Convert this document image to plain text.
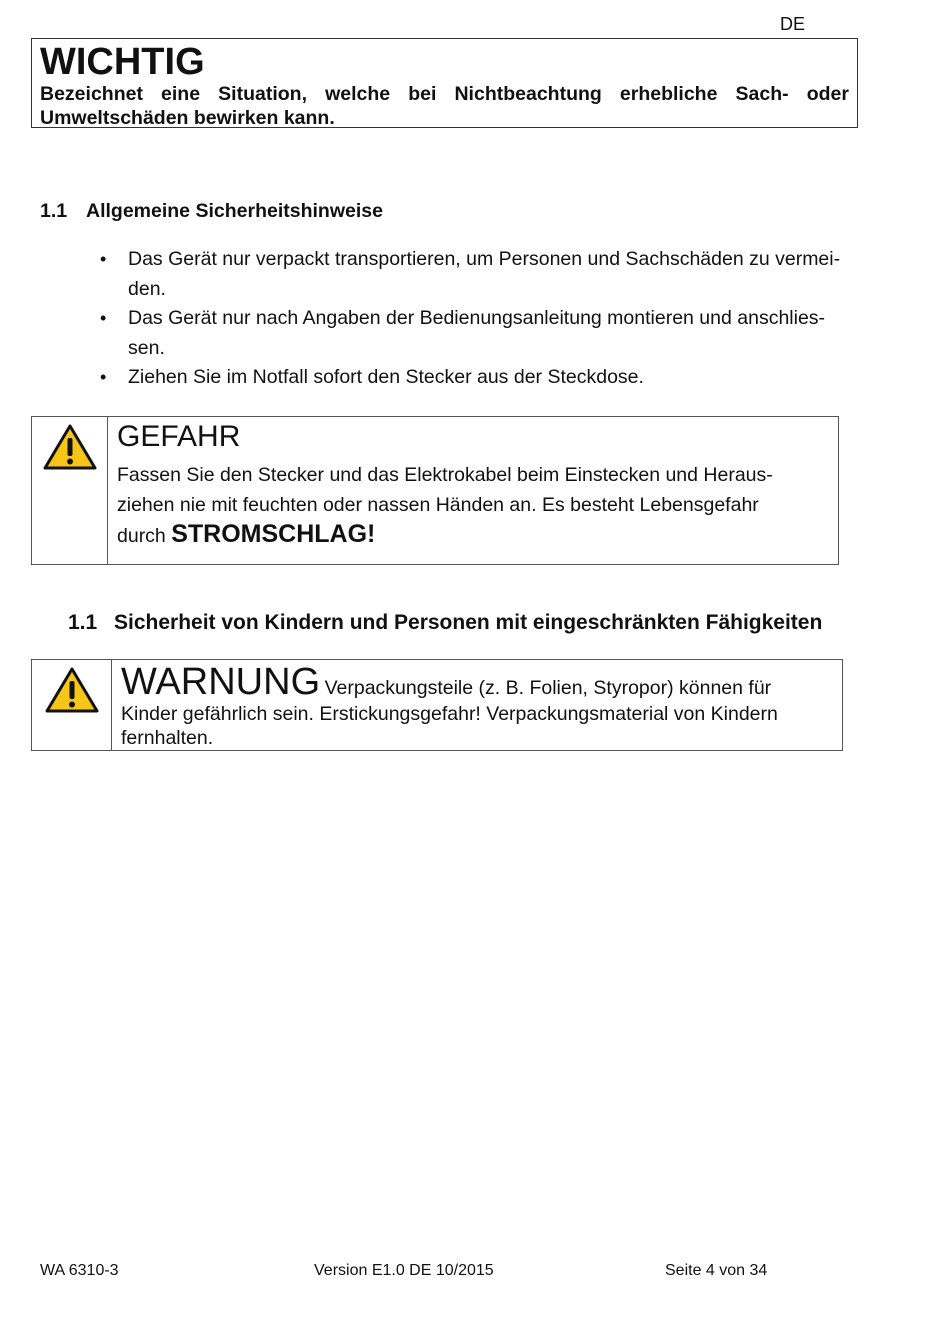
DE
WICHTIG
Bezeichnet eine Situation, welche bei Nichtbeachtung erhebliche Sach- oder Umweltschäden bewirken kann.
1.1 Allgemeine Sicherheitshinweise
• Das Gerät nur verpackt transportieren, um Personen und Sachschäden zu vermei-
den.
• Das Gerät nur nach Angaben der Bedienungsanleitung montieren und anschlies-
sen.
• Ziehen Sie im Notfall sofort den Stecker aus der Steckdose.
GEFAHR
Fassen Sie den Stecker und das Elektrokabel beim Einstecken und Heraus-
ziehen nie mit feuchten oder nassen Händen an. Es besteht Lebensgefahr
durch STROMSCHLAG!
1.1 Sicherheit von Kindern und Personen mit eingeschränkten Fähigkeiten
WARNUNG Verpackungsteile (z. B. Folien, Styropor) können für
Kinder gefährlich sein. Erstickungsgefahr! Verpackungsmaterial von Kindern
fernhalten.
WA 6310-3	Version E1.0 DE 10/2015	Seite 4 von 34
